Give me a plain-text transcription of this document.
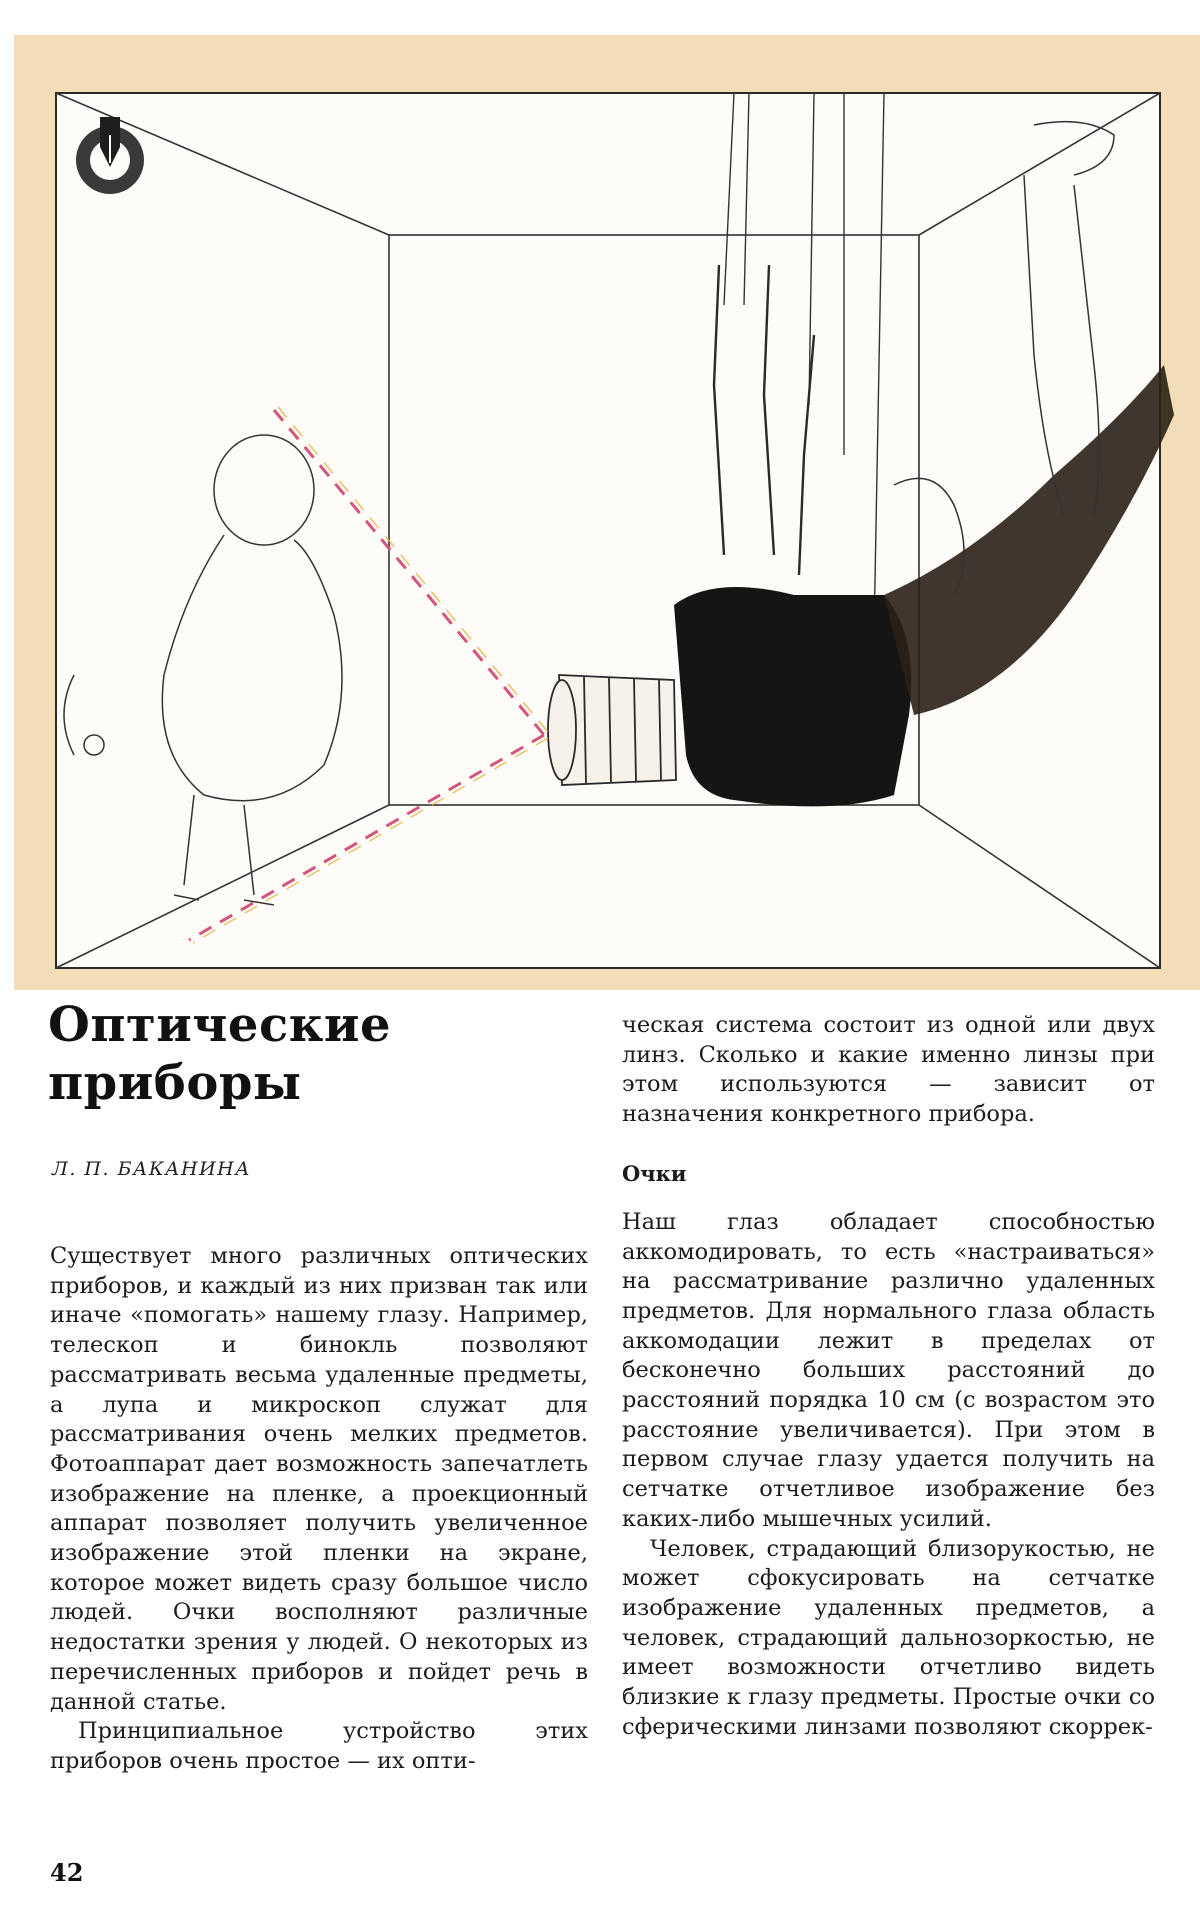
Оптические
приборы
Л. П. БАКАНИНА

Существует много различных оптических приборов, и каждый из них призван так или иначе «помогать» нашему глазу. Например, телескоп и бинокль позволяют рассматривать весьма удаленные предметы, а лупа и микроскоп служат для рассматривания очень мелких предметов. Фотоаппарат дает возможность запечатлеть изображение на пленке, а проекционный аппарат позволяет получить увеличенное изображение этой пленки на экране, которое может видеть сразу большое число людей. Очки восполняют различные недостатки зрения у людей. О некоторых из перечисленных приборов и пойдет речь в данной статье.

Принципиальное устройство этих приборов очень простое — их опти-

ческая система состоит из одной или двух линз. Сколько и какие именно линзы при этом используются — зависит от назначения конкретного прибора.

Очки

Наш глаз обладает способностью аккомодировать, то есть «настраиваться» на рассматривание различно удаленных предметов. Для нормального глаза область аккомодации лежит в пределах от бесконечно больших расстояний до расстояний порядка 10 см (с возрастом это расстояние увеличивается). При этом в первом случае глазу удается получить на сетчатке отчетливое изображение без каких-либо мышечных усилий.

Человек, страдающий близорукостью, не может сфокусировать на сетчатке изображение удаленных предметов, а человек, страдающий дальнозоркостью, не имеет возможности отчетливо видеть близкие к глазу предметы. Простые очки со сферическими линзами позволяют скоррек-

42
